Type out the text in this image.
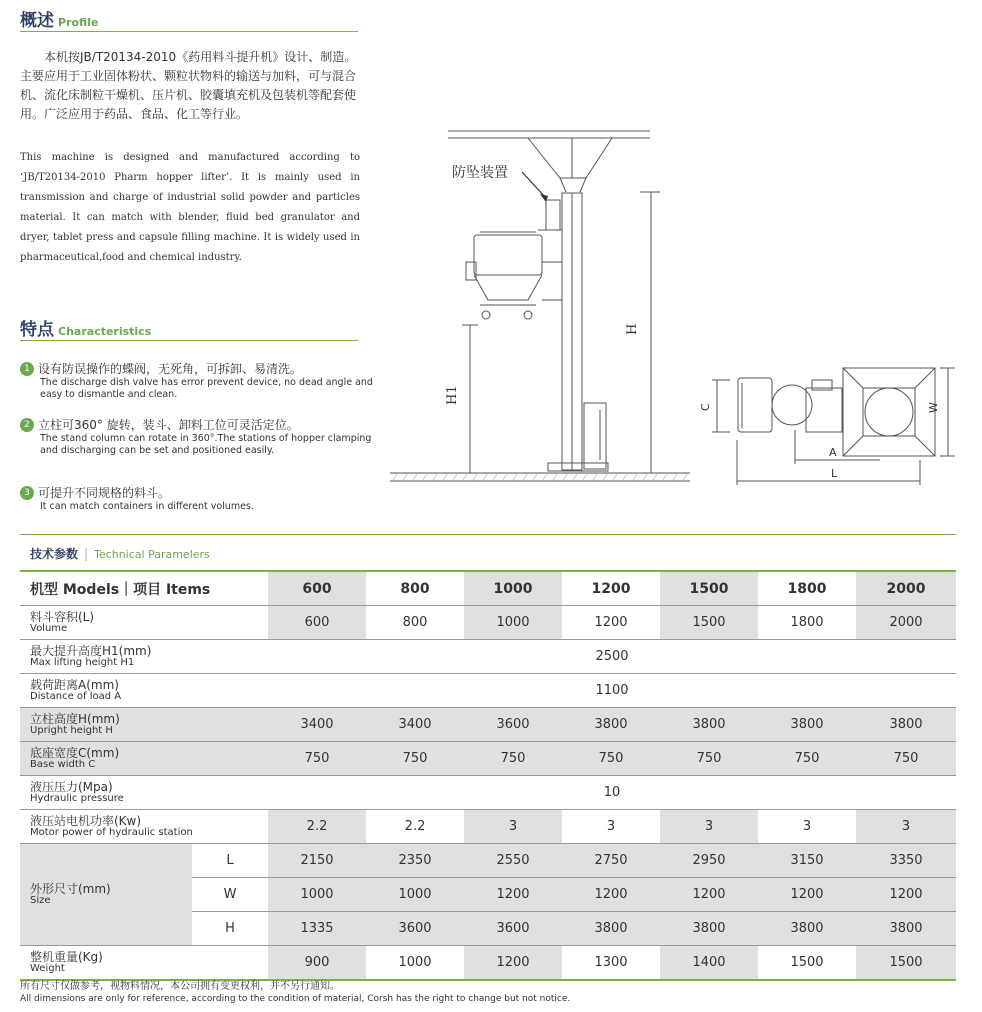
概述 Profile
本机按JB/T20134-2010《药用料斗提升机》设计、制造。主要应用于工业固体粉状、颗粒状物料的输送与加料，可与混合机、流化床制粒干燥机、压片机、胶囊填充机及包装机等配套使用。广泛应用于药品、食品、化工等行业。
This machine is designed and manufactured according to ‘JB/T20134-2010 Pharm hopper lifter’. It is mainly used in transmission and charge of industrial solid powder and particles material. It can match with blender, fluid bed granulator and dryer, tablet press and capsule filling machine. It is widely used in pharmaceutical,food and chemical industry.
特点 Characteristics
1 设有防误操作的蝶阀，无死角，可拆卸、易清洗。
The discharge dish valve has error prevent device, no dead angle and easy to dismantle and clean.
2 立柱可360° 旋转，装斗、卸料工位可灵活定位。
The stand column can rotate in 360°.The stations of hopper clamping and discharging can be set and positioned easily.
3 可提升不同规格的料斗。
It can match containers in different volumes.
防坠装置
H
H1
C	W
A
L
技术参数 | Technical Paramelers
机型 Models｜项目 Items		600	800	1000	1200	1500	1800	2000

料斗容积(L)
Volume		600	800	1000	1200	1500	1800	2000

最大提升高度H1(mm)
Max lifting height H1		2500						

载荷距离A(mm)
Distance of load A		1100						

立柱高度H(mm)
Upright height H		3400	3400	3600	3800	3800	3800	3800

底座宽度C(mm)
Base width C		750	750	750	750	750	750	750

液压压力(Mpa)
Hydraulic pressure		10						

液压站电机功率(Kw)
Motor power of hydraulic station		2.2	2.2	3	3	3	3	3

外形尺寸(mm)
Size	L	2150	2350	2550	2750	2950	3150	3350
	W	1000	1000	1200	1200	1200	1200	1200
	H	1335	3600	3600	3800	3800	3800	3800

整机重量(Kg)
Weight		900	1000	1200	1300	1400	1500	1500
所有尺寸仅做参考，视物料情况，本公司拥有变更权利，并不另行通知。
All dimensions are only for reference, according to the condition of material, Corsh has the right to change but not notice.
